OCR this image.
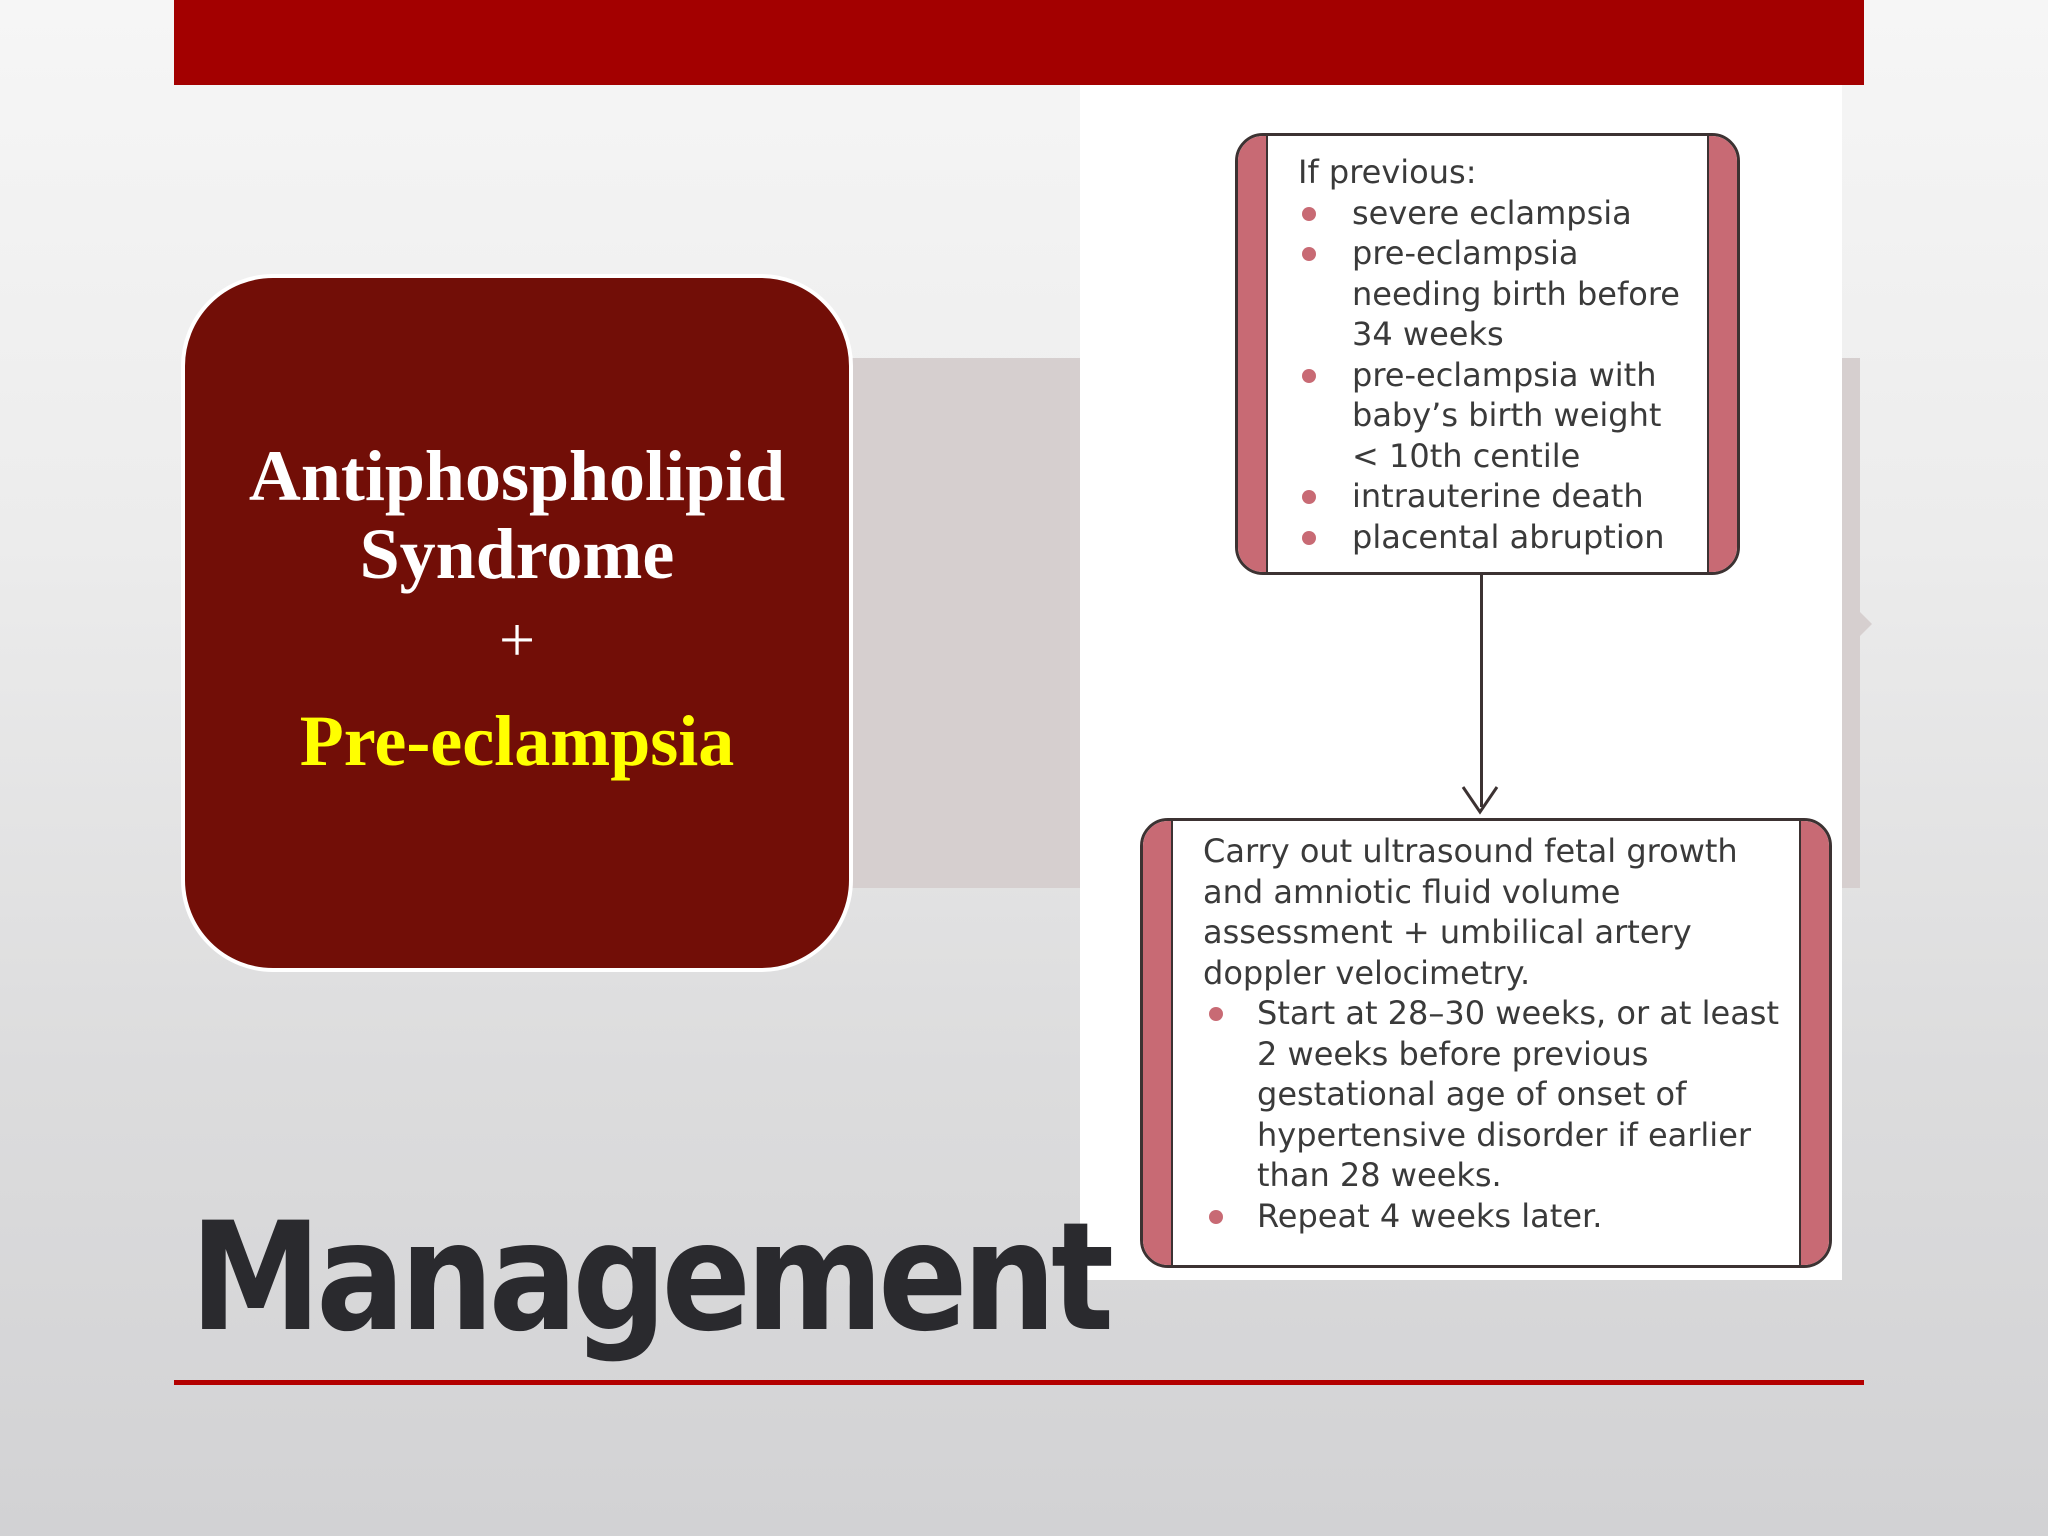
Antiphospholipid
Syndrome
+
Pre-eclampsia
If previous:
severe eclampsia
pre-eclampsia needing birth before 34 weeks
pre-eclampsia with baby’s birth weight < 10th centile
intrauterine death
placental abruption
Carry out ultrasound fetal growth and amniotic fluid volume assessment + umbilical artery doppler velocimetry.
Start at 28–30 weeks, or at least 2 weeks before previous gestational age of onset of hypertensive disorder if earlier than 28 weeks.
Repeat 4 weeks later.
Management
